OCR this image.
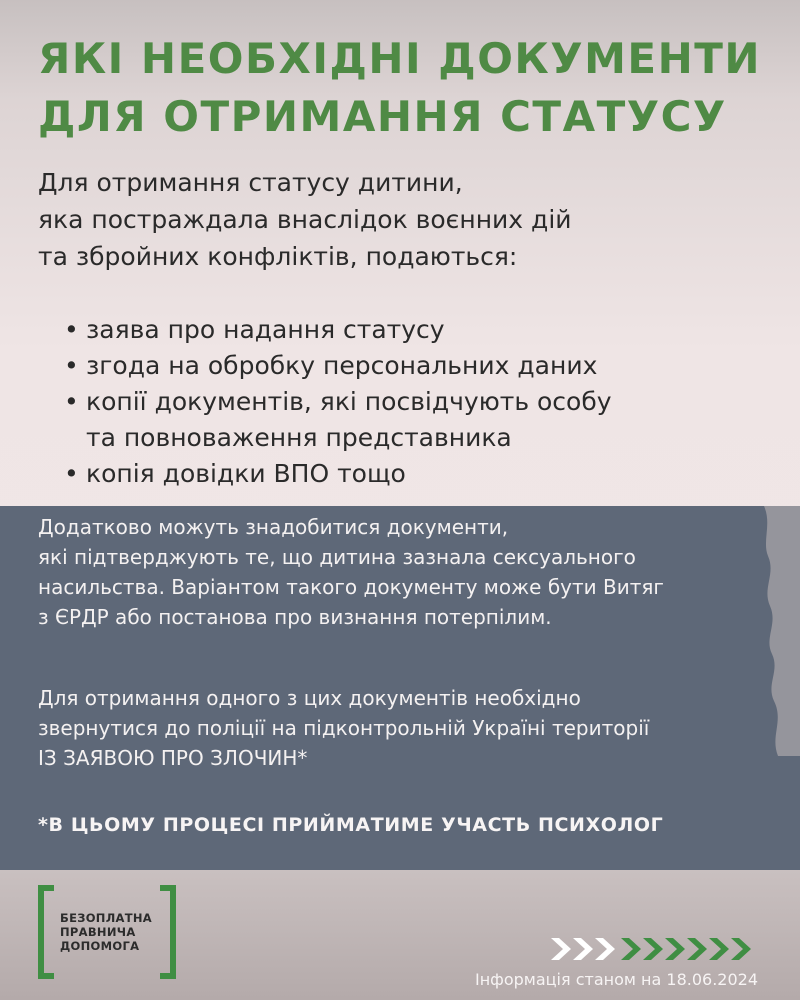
ЯКІ НЕОБХІДНІ ДОКУМЕНТИ
ДЛЯ ОТРИМАННЯ СТАТУСУ
Для отримання статусу дитини,
яка постраждала внаслідок воєнних дій
та збройних конфліктів, подаються:
• заява про надання статусу
• згода на обробку персональних даних
• копії документів, які посвідчують особу
та повноваження представника
• копія довідки ВПО тощо
Додатково можуть знадобитися документи,
які підтверджують те, що дитина зазнала сексуального
насильства. Варіантом такого документу може бути Витяг
з ЄРДР або постанова про визнання потерпілим.
Для отримання одного з цих документів необхідно
звернутися до поліції на підконтрольній Україні території
ІЗ ЗАЯВОЮ ПРО ЗЛОЧИН*
*В ЦЬОМУ ПРОЦЕСІ ПРИЙМАТИМЕ УЧАСТЬ ПСИХОЛОГ
БЕЗОПЛАТНА
ПРАВНИЧА
ДОПОМОГА
Інформація станом на 18.06.2024
